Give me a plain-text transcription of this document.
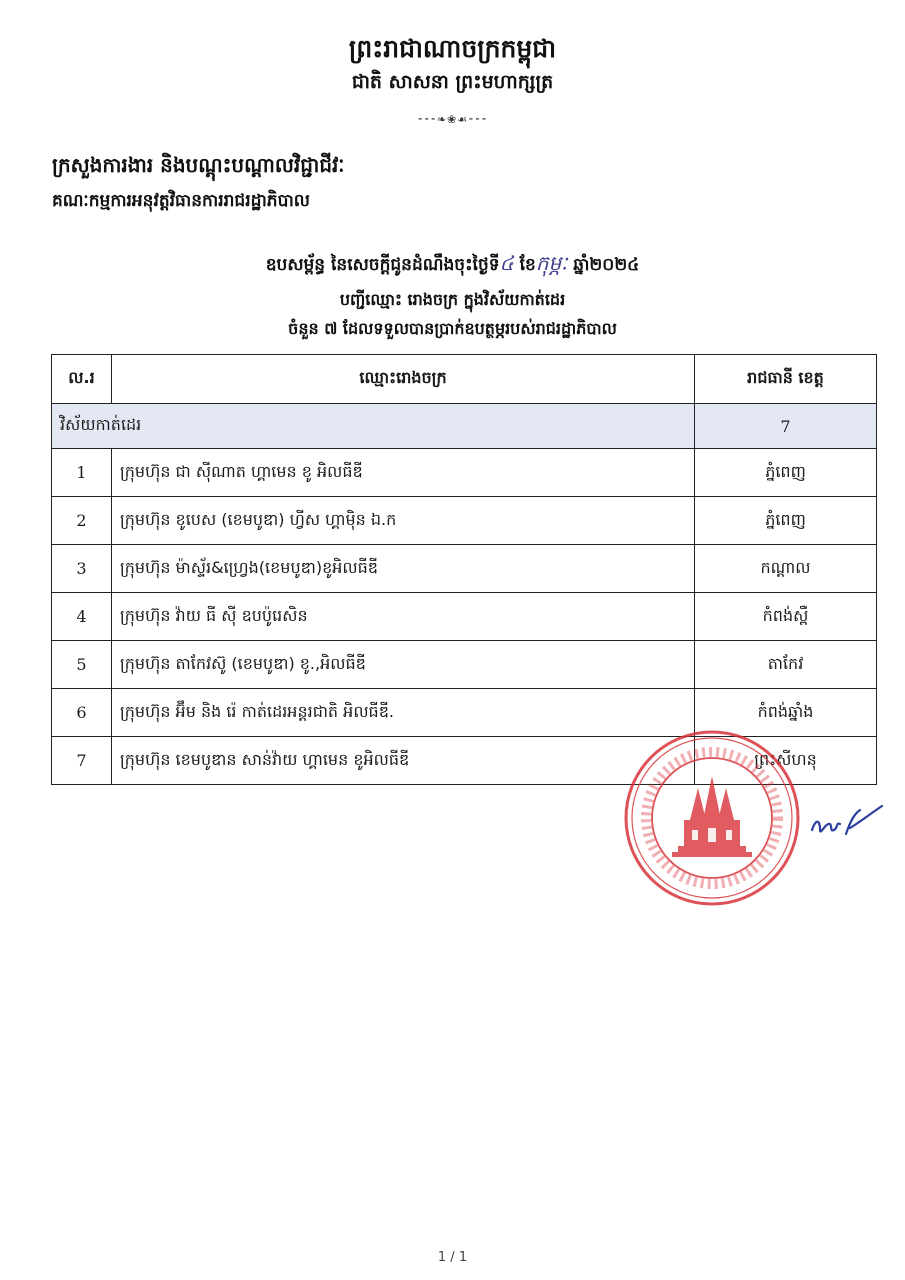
ព្រះរាជាណាចក្រកម្ពុជា
ជាតិ សាសនា ព្រះមហាក្សត្រ
⁃⁃⁃❧❀☙⁃⁃⁃
ក្រសួងការងារ និងបណ្តុះបណ្តាលវិជ្ជាជីវៈ
គណៈកម្មការអនុវត្តវិធានការរាជរដ្ឋាភិបាល
ឧបសម្ព័ន្ធ នៃសេចក្តីជូនដំណឹងចុះថ្ងៃទី៤ ខែកុម្ភៈ ឆ្នាំ២០២៤
បញ្ជីឈ្មោះ រោងចក្រ ក្នុងវិស័យកាត់ដេរ
ចំនួន ៧ ដែលទទួលបានប្រាក់ឧបត្ថម្ភរបស់រាជរដ្ឋាភិបាល
ល.រ	ឈ្មោះរោងចក្រ	រាជធានី ខេត្ត
វិស័យកាត់ដេរ		7
1	ក្រុមហ៊ុន ជា ស៊ីណាត ហ្គាមេន ខូ អិលធីឌី	ភ្នំពេញ
2	ក្រុមហ៊ុន ខូបេស (ខេមបូឌា) ហ្វីស ហ្គាម៉ិន ឯ.ក	ភ្នំពេញ
3	ក្រុមហ៊ុន ម៉ាស្ទ័រ&ហ្វ្រេង(ខេមបូឌា)ខូអិលធីឌី	កណ្តាល
4	ក្រុមហ៊ុន វ៉ាយ ធី ស៊ី ឧបប៉ូរេសិន	កំពង់ស្ពឺ
5	ក្រុមហ៊ុន តាកែវស៊ូ (ខេមបូឌា) ខូ.,អិលធីឌី	តាកែវ
6	ក្រុមហ៊ុន អ៊ឹម និង រ៉េ កាត់ដេរអន្តរជាតិ អិលធីឌី.	កំពង់ឆ្នាំង
7	ក្រុមហ៊ុន ខេមបូឌាន សាន់វ៉ាយ ហ្គាមេន ខូអិលធីឌី	ព្រះសីហនុ
1 / 1
